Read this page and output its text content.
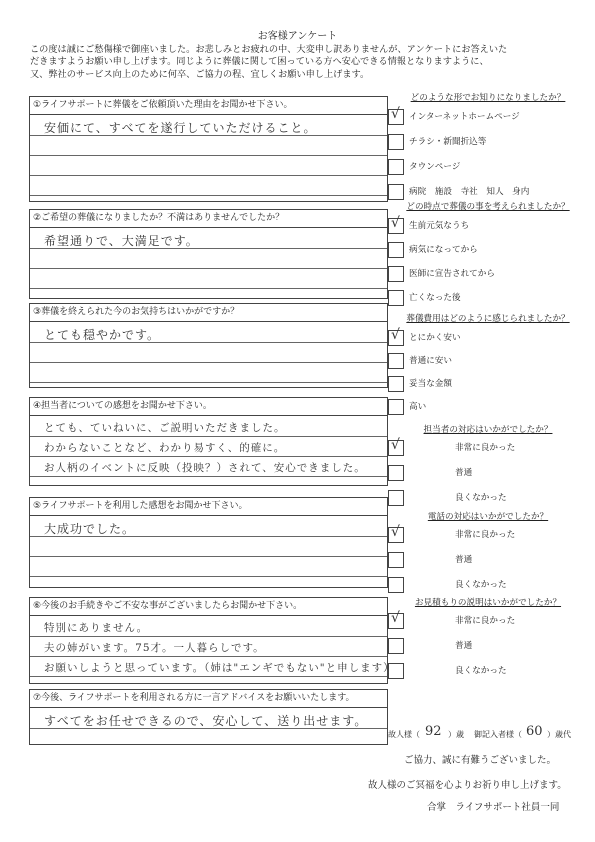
お客様アンケート
この度は誠にご愁傷様で御座いました。お悲しみとお疲れの中、大変申し訳ありませんが、アンケートにお答えいた
だきますようお願い申し上げます。同じように葬儀に関して困っている方へ安心できる情報となりますように、
又、弊社のサービス向上のために何卒、ご協力の程、宜しくお願い申し上げます。
①ライフサポートに葬儀をご依頼頂いた理由をお聞かせ下さい。
安価にて、すべてを遂行していただけること。
②ご希望の葬儀になりましたか？不満はありませんでしたか？
希望通りで、大満足です。
③葬儀を終えられた今のお気持ちはいかがですか？
とても穏やかです。
④担当者についての感想をお聞かせ下さい。
とても、ていねいに、ご説明いただきました。
わからないことなど、わかり易すく、的確に。
お人柄のイベントに反映（投映？）されて、安心できました。
⑤ライフサポートを利用した感想をお聞かせ下さい。
大成功でした。
⑥今後のお手続きやご不安な事がございましたらお聞かせ下さい。
特別にありません。
夫の姉がいます。75才。一人暮らしです。
お願いしようと思っています。（姉は"エンギでもない"と申します）
⑦今後、ライフサポートを利用される方に一言アドバイスをお願いいたします。
すべてをお任せできるので、安心して、送り出せます。
どのような形でお知りになりましたか？
√ インターネットホームページ
チラシ・新聞折込等
タウンページ
病院　施設　寺社　知人　身内
どの時点で葬儀の事を考えられましたか？
√ 生前元気なうち
病気になってから
医師に宣告されてから
亡くなった後
葬儀費用はどのように感じられましたか？
√ とにかく安い
普通に安い
妥当な金額
高い
担当者の対応はいかがでしたか？
√	非常に良かった
普通
良くなかった
電話の対応はいかがでしたか？
√	非常に良かった
普通
良くなかった
お見積もりの説明はいかがでしたか？
√	非常に良かった
普通
良くなかった
故人様（ 92 ）歳 御記入者様（ 60 ）歳代
ご協力、誠に有難うございました。
故人様のご冥福を心よりお祈り申し上げます。
合掌　ライフサポート社員一同
